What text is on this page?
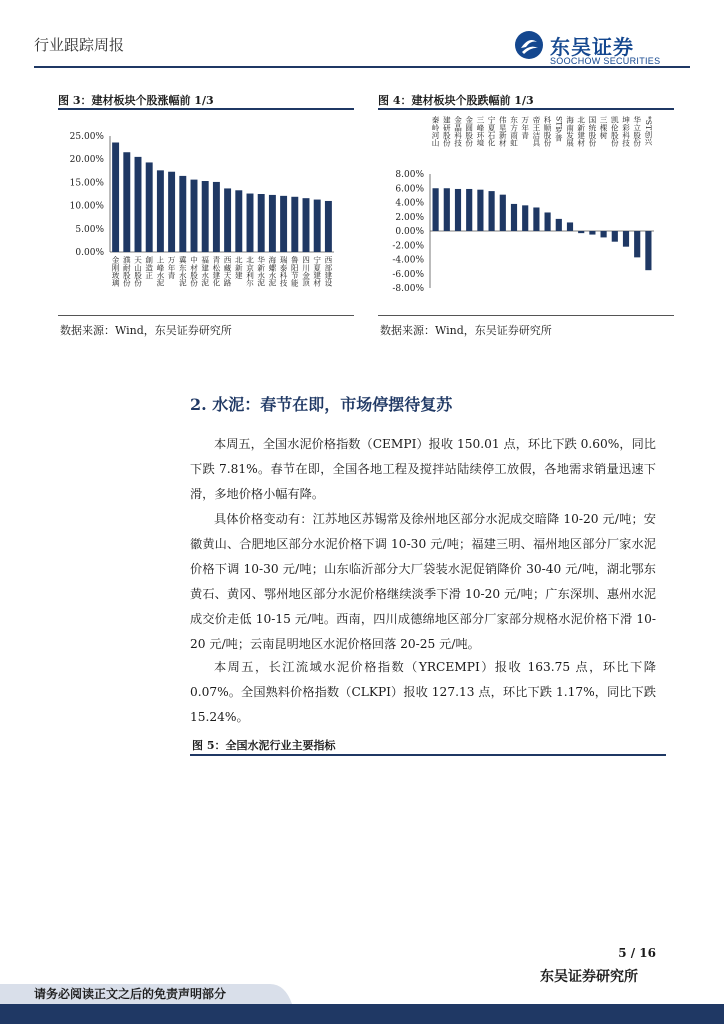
行业跟踪周报	东吴证券
SOOCHOW SECURITIES
图 3：建材板块个股涨幅前 1/3
25.00%
20.00%
15.00%
10.00%
5.00%
0.00%
金刚玻璃 濮耐股份 天山股份 創造正 上峰水泥 万年青 冀东水泥 中材股份 福建水泥 青松建化 西藏天路 北新建 北京利尔 华新水泥 海螺水泥 瑞泰科技 鲁阳节能 四川金顶 宁夏建材 西部建设
数据来源：Wind，东吴证券研究所
图 4：建材板块个股跌幅前 1/3
8.00%
6.00%
4.00%
2.00%
0.00%
-2.00%
-4.00%
-6.00%
-8.00%
秦岭河山 建研股份 金晶科技 金圆股份 三峰环境 宁夏石化 伟星新材 东方雨虹 万年青 帝王洁具 科顺股份 ST罗普 海南发展 北新建材 国统股份 三棵树 凯伦股份 坤彩科技 华立股份 *ST创兴
数据来源：Wind，东吴证券研究所
2. 水泥：春节在即，市场停摆待复苏

本周五，全国水泥价格指数（CEMPI）报收 150.01 点，环比下跌 0.60%，同比下跌 7.81%。春节在即，全国各地工程及搅拌站陆续停工放假，各地需求销量迅速下滑，多地价格小幅有降。

具体价格变动有：江苏地区苏锡常及徐州地区部分水泥成交暗降 10-20 元/吨；安徽黄山、合肥地区部分水泥价格下调 10-30 元/吨；福建三明、福州地区部分厂家水泥价格下调 10-30 元/吨；山东临沂部分大厂袋装水泥促销降价 30-40 元/吨，湖北鄂东黄石、黄冈、鄂州地区部分水泥价格继续淡季下滑 10-20 元/吨；广东深圳、惠州水泥成交价走低 10-15 元/吨。西南，四川成德绵地区部分厂家部分规格水泥价格下滑 10-20 元/吨；云南昆明地区水泥价格回落 20-25 元/吨。

本周五，长江流域水泥价格指数（YRCEMPI）报收 163.75 点，环比下降 0.07%。全国熟料价格指数（CLKPI）报收 127.13 点，环比下跌 1.17%，同比下跌 15.24%。

图 5：全国水泥行业主要指标
5 / 16
东吴证券研究所
请务必阅读正文之后的免责声明部分
